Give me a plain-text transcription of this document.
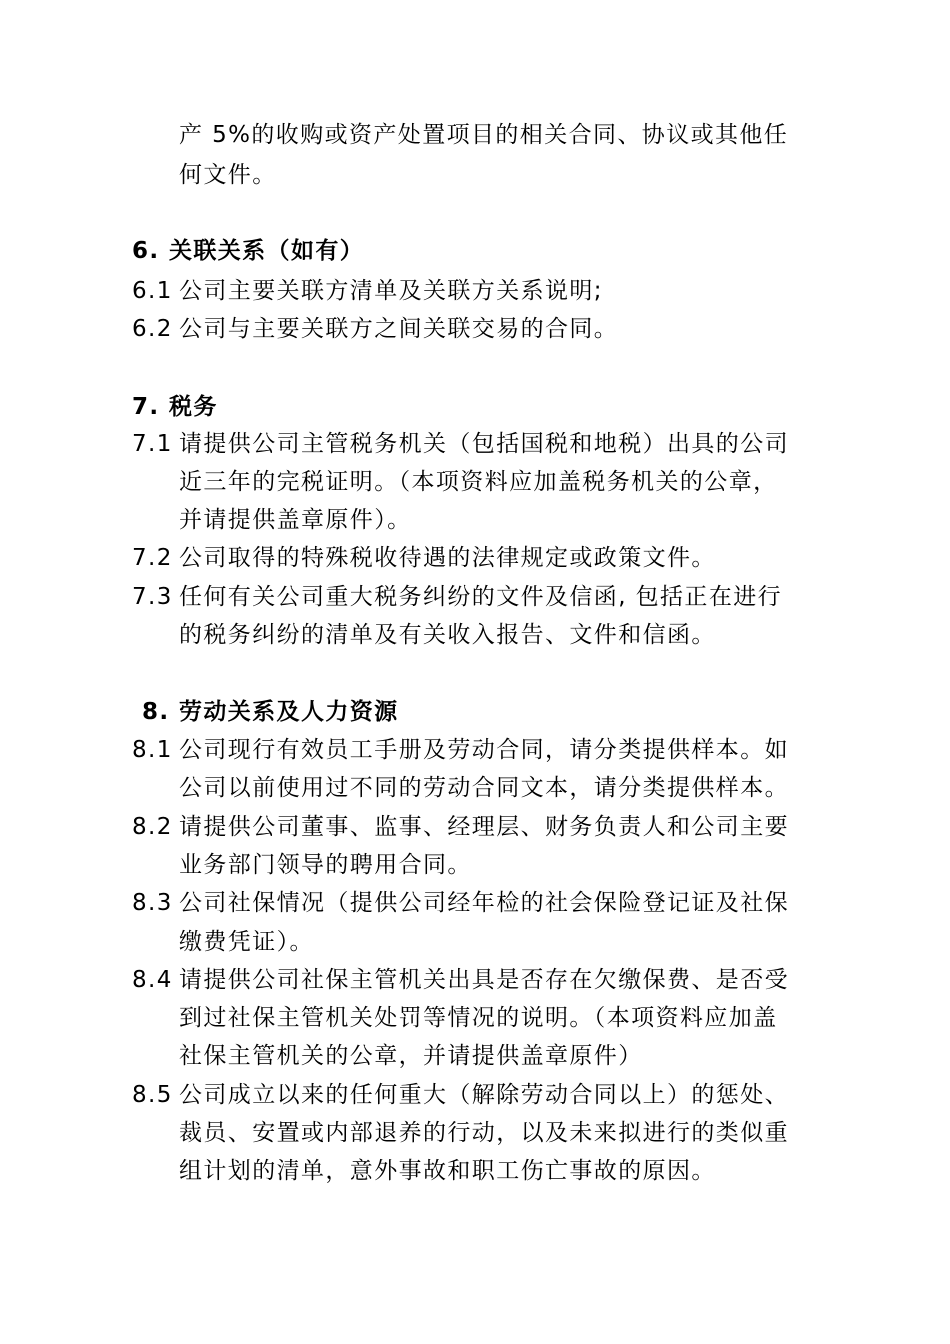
产 5%的收购或资产处置项目的相关合同、协议或其他任
何文件。
6. 关联关系（如有）
6.1 公司主要关联方清单及关联方关系说明;
6.2 公司与主要关联方之间关联交易的合同。
7. 税务
7.1 请提供公司主管税务机关（包括国税和地税）出具的公司
近三年的完税证明。（本项资料应加盖税务机关的公章，
并请提供盖章原件）。
7.2 公司取得的特殊税收待遇的法律规定或政策文件。
7.3 任何有关公司重大税务纠纷的文件及信函, 包括正在进行
的税务纠纷的清单及有关收入报告、文件和信函。
8. 劳动关系及人力资源
8.1 公司现行有效员工手册及劳动合同，请分类提供样本。如
公司以前使用过不同的劳动合同文本，请分类提供样本。
8.2 请提供公司董事、监事、经理层、财务负责人和公司主要
业务部门领导的聘用合同。
8.3 公司社保情况（提供公司经年检的社会保险登记证及社保
缴费凭证）。
8.4 请提供公司社保主管机关出具是否存在欠缴保费、是否受
到过社保主管机关处罚等情况的说明。（本项资料应加盖
社保主管机关的公章，并请提供盖章原件）
8.5 公司成立以来的任何重大（解除劳动合同以上）的惩处、
裁员、安置或内部退养的行动，以及未来拟进行的类似重
组计划的清单，意外事故和职工伤亡事故的原因。
